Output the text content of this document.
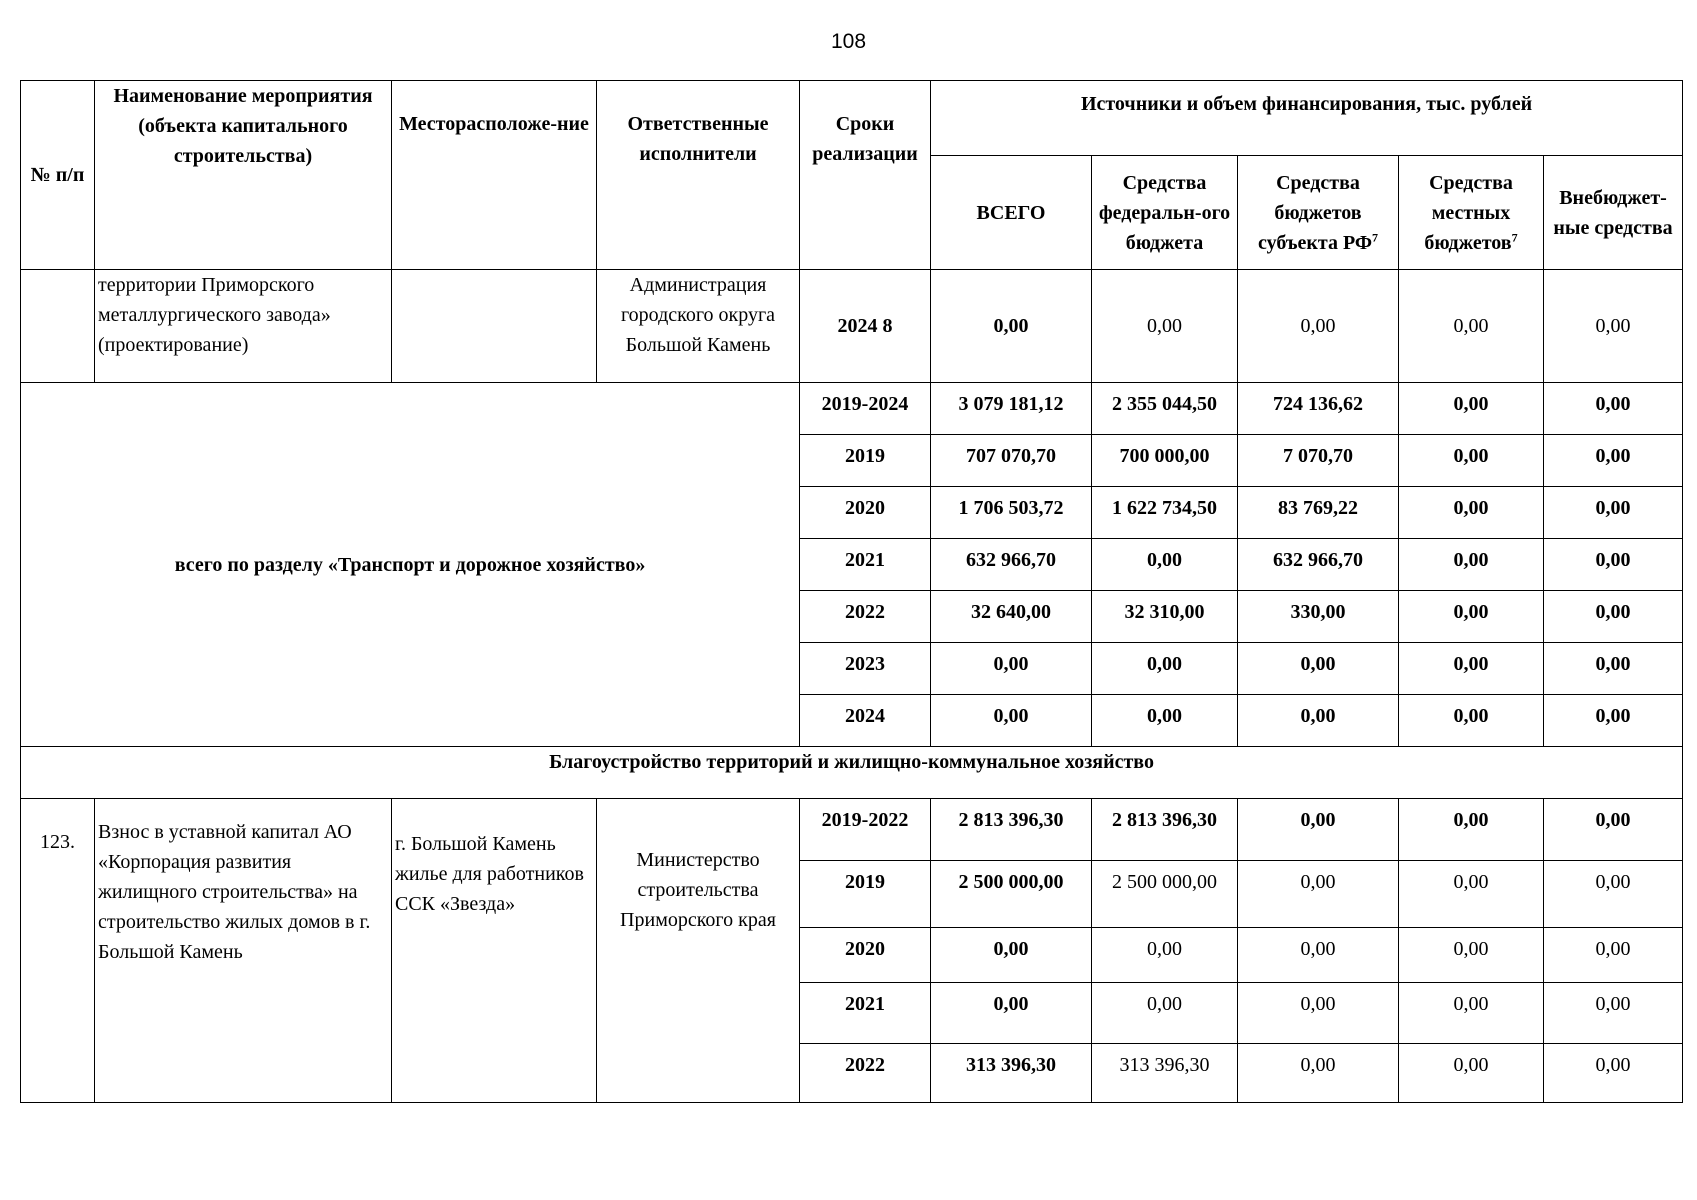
108
№ п/п	Наименование мероприятия (объекта капитального строительства)	Месторасположе-ние	Ответственные исполнители	Сроки реализации	Источники и объем финансирования, тыс. рублей				
					ВСЕГО	Средства федеральн-ого бюджета	Средства бюджетов субъекта $РФ^7$	Средства местных бюджетов$^7$	Внебюджет-ные средства
	территории Приморского металлургического завода» (проектирование)		Администрация городского округа Большой Камень	2024 8	0,00	0,00	0,00	0,00	0,00
всего по разделу «Транспорт и дорожное хозяйство»				2019-2024	3 079 181,12	2 355 044,50	724 136,62	0,00	0,00
				2019	707 070,70	700 000,00	7 070,70	0,00	0,00
				2020	1 706 503,72	1 622 734,50	83 769,22	0,00	0,00
				2021	632 966,70	0,00	632 966,70	0,00	0,00
				2022	32 640,00	32 310,00	330,00	0,00	0,00
				2023	0,00	0,00	0,00	0,00	0,00
				2024	0,00	0,00	0,00	0,00	0,00
Благоустройство территорий и жилищно-коммунальное хозяйство									
123.	Взнос в уставной капитал АО «Корпорация развития жилищного строительства» на строительство жилых домов в г. Большой Камень	г. Большой Камень жилье для работников ССК «Звезда»	Министерство строительства Приморского края	2019-2022	2 813 396,30	2 813 396,30	0,00	0,00	0,00
				2019	2 500 000,00	2 500 000,00	0,00	0,00	0,00
				2020	0,00	0,00	0,00	0,00	0,00
				2021	0,00	0,00	0,00	0,00	0,00
				2022	313 396,30	313 396,30	0,00	0,00	0,00
